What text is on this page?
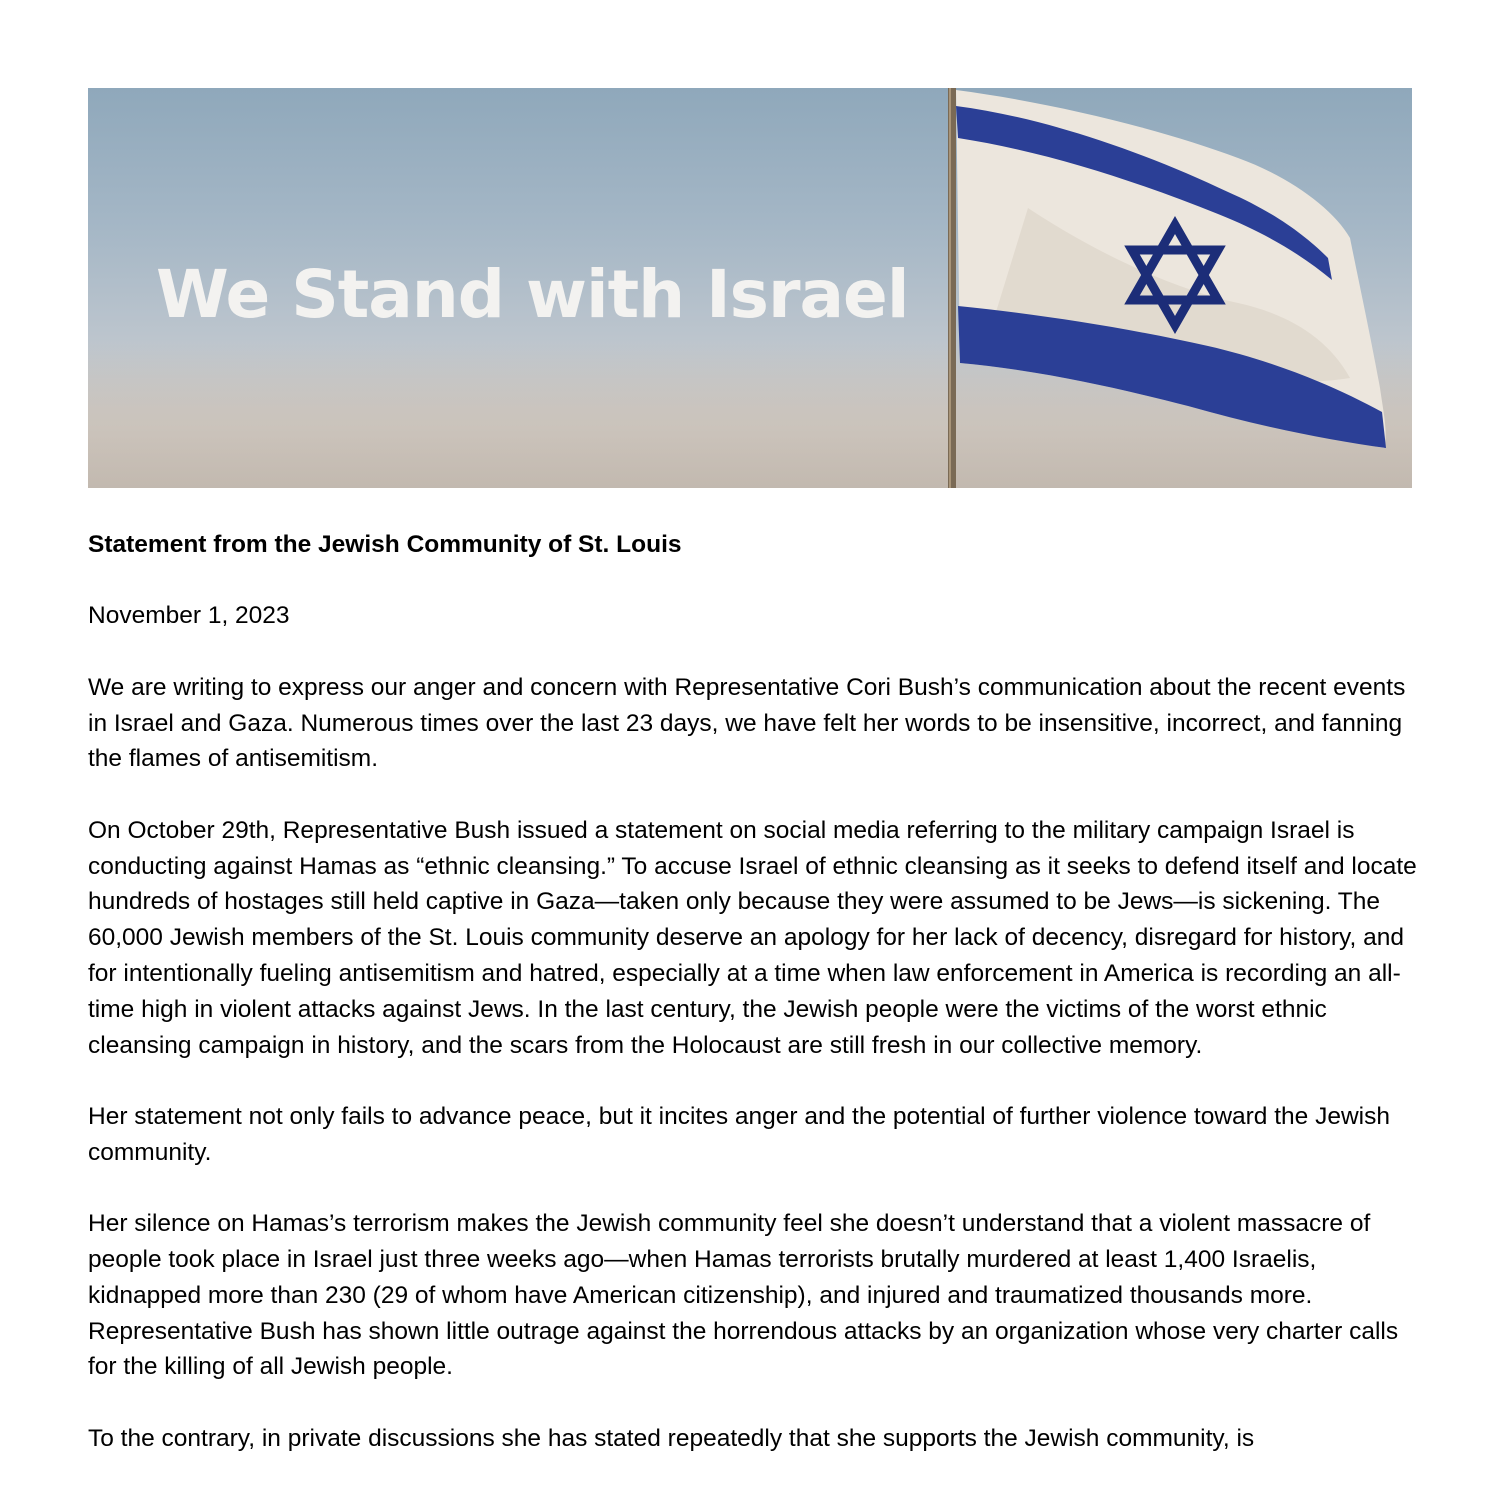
We Stand with Israel

Statement from the Jewish Community of St. Louis

November 1, 2023

We are writing to express our anger and concern with Representative Cori Bush’s communication about the recent events in Israel and Gaza. Numerous times over the last 23 days, we have felt her words to be insensitive, incorrect, and fanning the flames of antisemitism.

On October 29th, Representative Bush issued a statement on social media referring to the military campaign Israel is conducting against Hamas as “ethnic cleansing.” To accuse Israel of ethnic cleansing as it seeks to defend itself and locate hundreds of hostages still held captive in Gaza—taken only because they were assumed to be Jews—is sickening. The 60,000 Jewish members of the St. Louis community deserve an apology for her lack of decency, disregard for history, and for intentionally fueling antisemitism and hatred, especially at a time when law enforcement in America is recording an all-time high in violent attacks against Jews. In the last century, the Jewish people were the victims of the worst ethnic cleansing campaign in history, and the scars from the Holocaust are still fresh in our collective memory.

Her statement not only fails to advance peace, but it incites anger and the potential of further violence toward the Jewish community.

Her silence on Hamas’s terrorism makes the Jewish community feel she doesn’t understand that a violent massacre of people took place in Israel just three weeks ago—when Hamas terrorists brutally murdered at least 1,400 Israelis, kidnapped more than 230 (29 of whom have American citizenship), and injured and traumatized thousands more. Representative Bush has shown little outrage against the horrendous attacks by an organization whose very charter calls for the killing of all Jewish people.

To the contrary, in private discussions she has stated repeatedly that she supports the Jewish community, is
